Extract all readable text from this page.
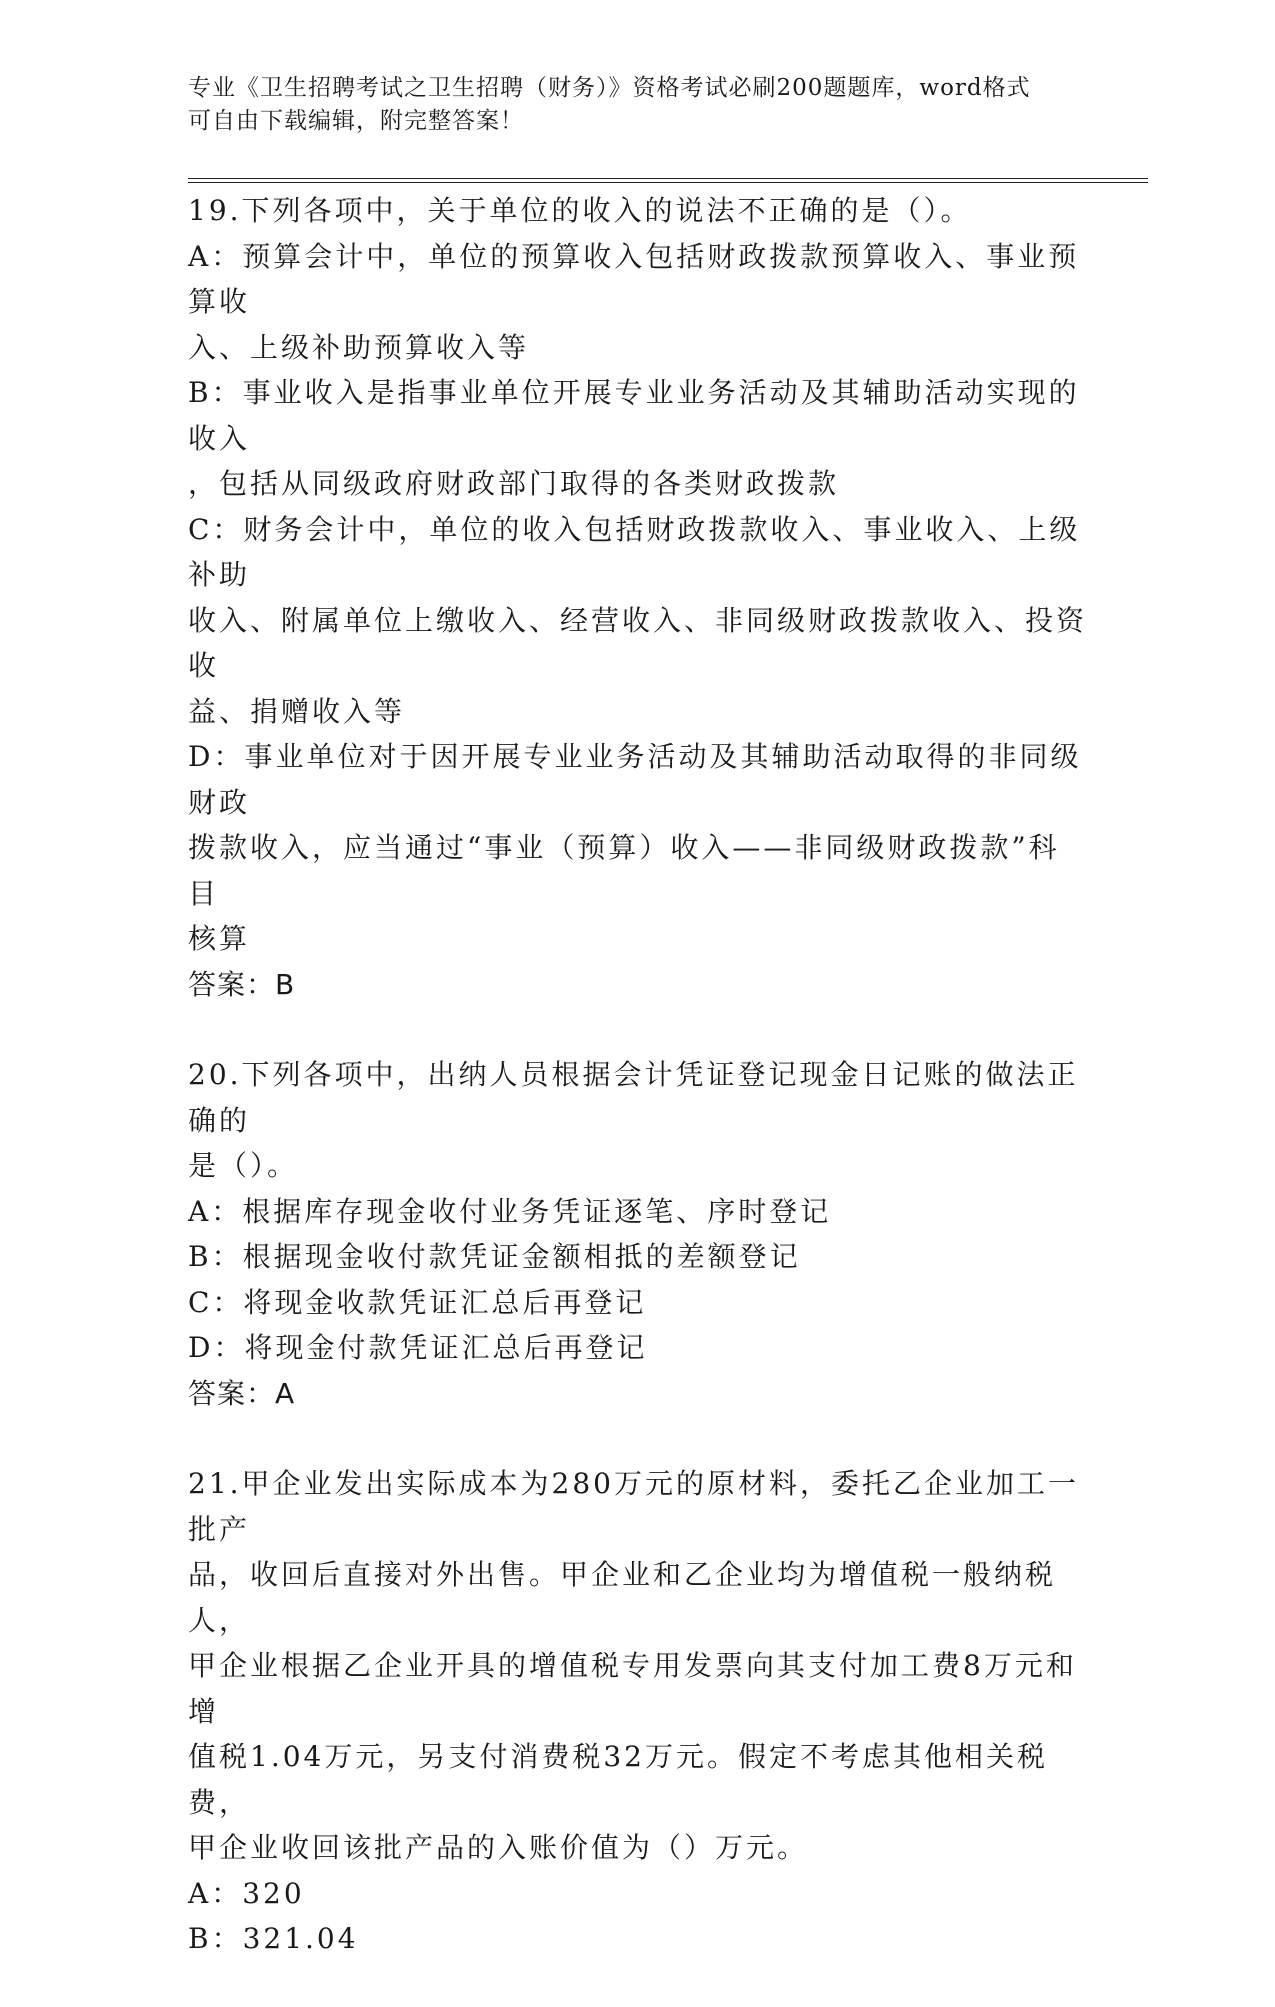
专业《卫生招聘考试之卫生招聘（财务）》资格考试必刷200题题库，word格式
可自由下载编辑，附完整答案！

19.下列各项中，关于单位的收入的说法不正确的是（）。

A：预算会计中，单位的预算收入包括财政拨款预算收入、事业预算收

入、上级补助预算收入等

B：事业收入是指事业单位开展专业业务活动及其辅助活动实现的收入

，包括从同级政府财政部门取得的各类财政拨款

C：财务会计中，单位的收入包括财政拨款收入、事业收入、上级补助

收入、附属单位上缴收入、经营收入、非同级财政拨款收入、投资收

益、捐赠收入等

D：事业单位对于因开展专业业务活动及其辅助活动取得的非同级财政

拨款收入，应当通过“事业（预算）收入——非同级财政拨款”科目

核算

答案：B

20.下列各项中，出纳人员根据会计凭证登记现金日记账的做法正确的

是（）。

A：根据库存现金收付业务凭证逐笔、序时登记

B：根据现金收付款凭证金额相抵的差额登记

C：将现金收款凭证汇总后再登记

D：将现金付款凭证汇总后再登记

答案：A

21.甲企业发出实际成本为280万元的原材料，委托乙企业加工一批产

品，收回后直接对外出售。甲企业和乙企业均为增值税一般纳税人，

甲企业根据乙企业开具的增值税专用发票向其支付加工费8万元和增

值税1.04万元，另支付消费税32万元。假定不考虑其他相关税费，

甲企业收回该批产品的入账价值为（）万元。

A：320

B：321.04
